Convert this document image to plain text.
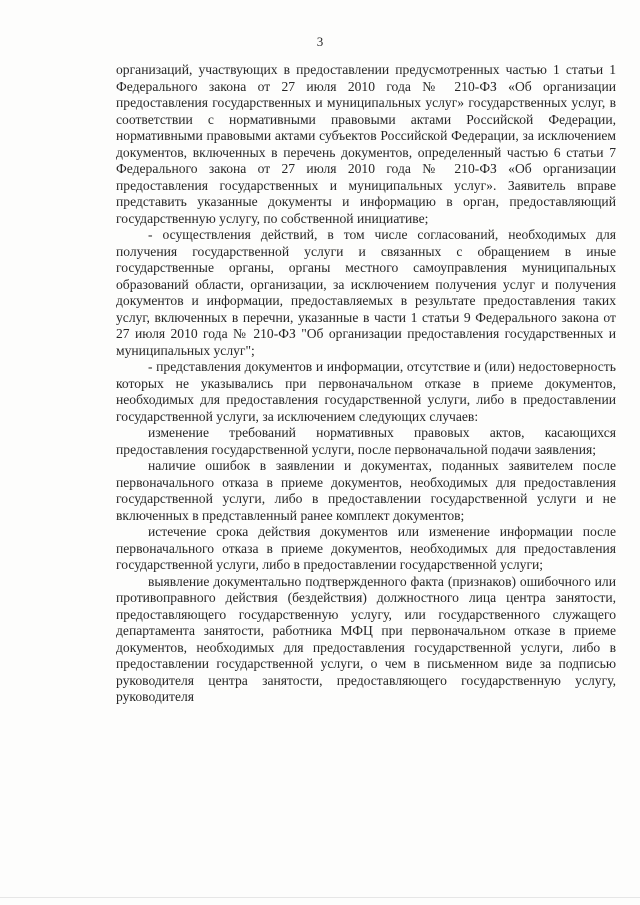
3

организаций, участвующих в предоставлении предусмотренных частью 1 статьи 1 Федерального закона от 27 июля 2010 года № 210-ФЗ «Об организации предоставления государственных и муниципальных услуг» государственных услуг, в соответствии с нормативными правовыми актами Российской Федерации, нормативными правовыми актами субъектов Российской Федерации, за исключением документов, включенных в перечень документов, определенный частью 6 статьи 7 Федерального закона от 27 июля 2010 года № 210-ФЗ «Об организации предоставления государственных и муниципальных услуг». Заявитель вправе представить указанные документы и информацию в орган, предоставляющий государственную услугу, по собственной инициативе;

- осуществления действий, в том числе согласований, необходимых для получения государственной услуги и связанных с обращением в иные государственные органы, органы местного самоуправления муниципальных образований области, организации, за исключением получения услуг и получения документов и информации, предоставляемых в результате предоставления таких услуг, включенных в перечни, указанные в части 1 статьи 9 Федерального закона от 27 июля 2010 года № 210-ФЗ "Об организации предоставления государственных и муниципальных услуг";

- представления документов и информации, отсутствие и (или) недостоверность которых не указывались при первоначальном отказе в приеме документов, необходимых для предоставления государственной услуги, либо в предоставлении государственной услуги, за исключением следующих случаев:

изменение требований нормативных правовых актов, касающихся предоставления государственной услуги, после первоначальной подачи заявления;

наличие ошибок в заявлении и документах, поданных заявителем после первоначального отказа в приеме документов, необходимых для предоставления государственной услуги, либо в предоставлении государственной услуги и не включенных в представленный ранее комплект документов;

истечение срока действия документов или изменение информации после первоначального отказа в приеме документов, необходимых для предоставления государственной услуги, либо в предоставлении государственной услуги;

выявление документально подтвержденного факта (признаков) ошибочного или противоправного действия (бездействия) должностного лица центра занятости, предоставляющего государственную услугу, или государственного служащего департамента занятости, работника МФЦ при первоначальном отказе в приеме документов, необходимых для предоставления государственной услуги, либо в предоставлении государственной услуги, о чем в письменном виде за подписью руководителя центра занятости, предоставляющего государственную услугу, руководителя
